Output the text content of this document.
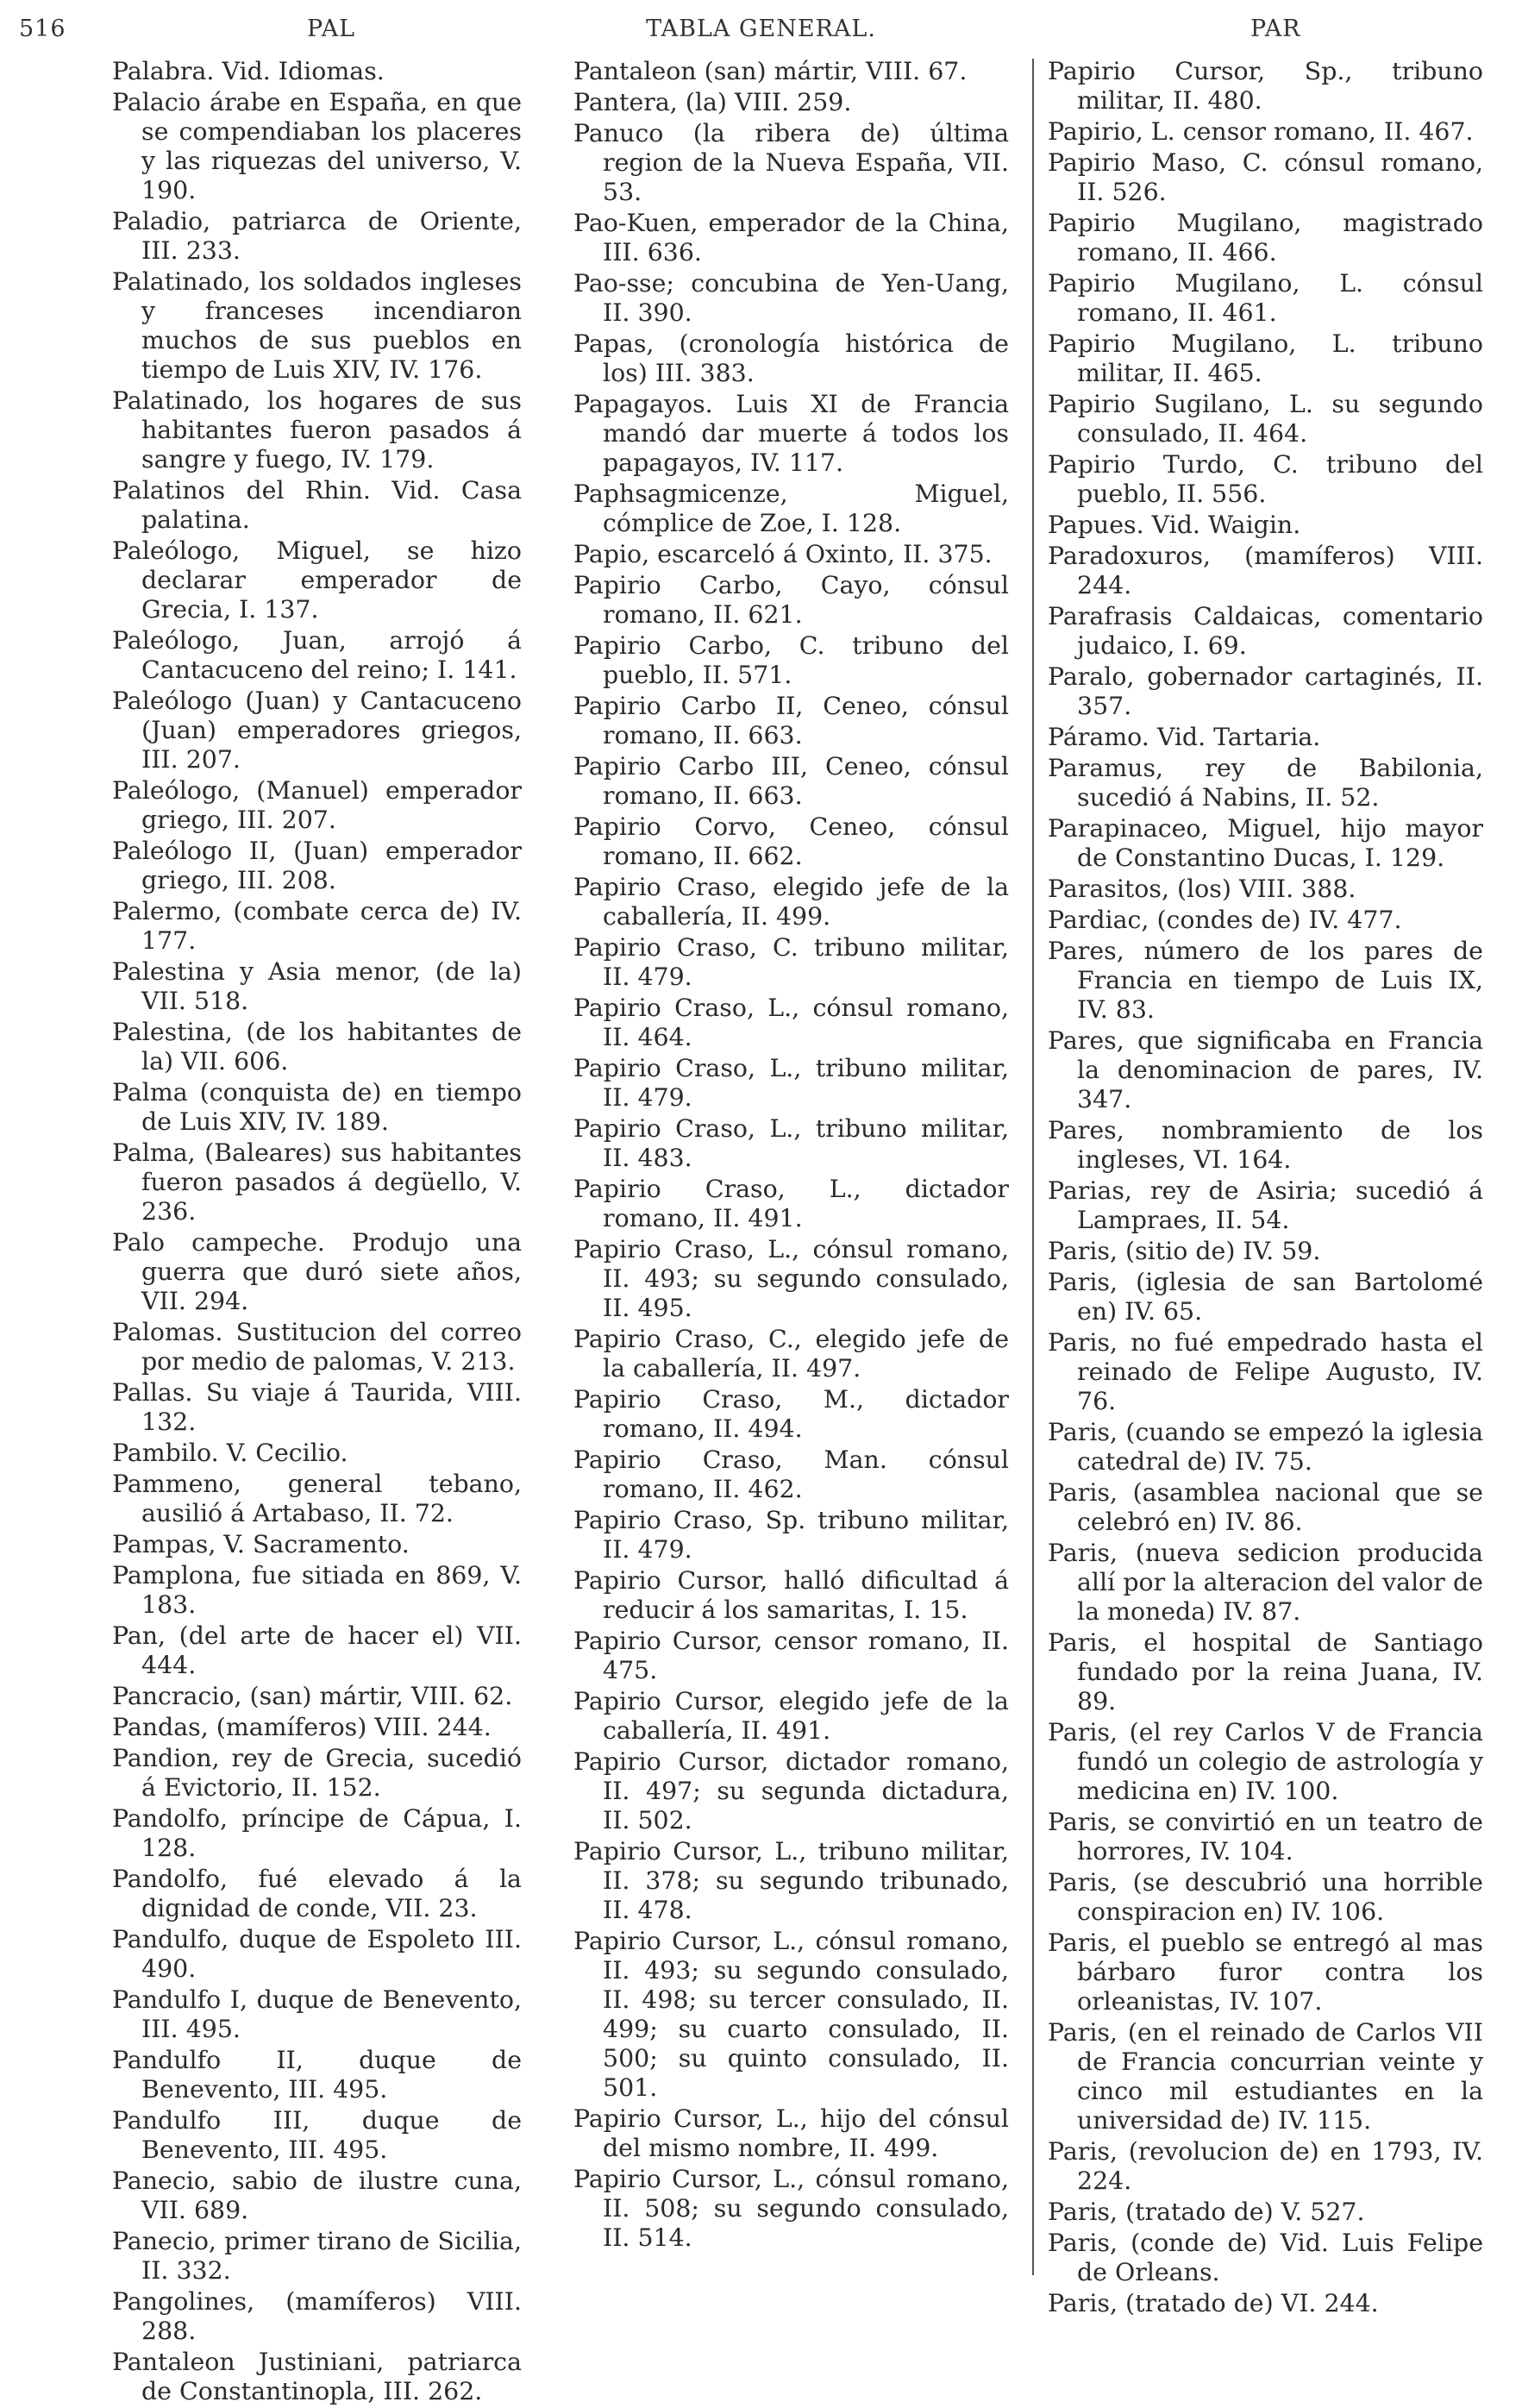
516	TABLA GENERAL.
PAL	PAR

Palabra. Vid. Idiomas.

Palacio árabe en España, en que se compendiaban los placeres y las riquezas del universo, V. 190.

Paladio, patriarca de Oriente, III. 233.

Palatinado, los soldados ingleses y franceses incendiaron muchos de sus pueblos en tiempo de Luis XIV, IV. 176.

Palatinado, los hogares de sus habitantes fueron pasados á sangre y fuego, IV. 179.

Palatinos del Rhin. Vid. Casa palatina.

Paleólogo, Miguel, se hizo declarar emperador de Grecia, I. 137.

Paleólogo, Juan, arrojó á Cantacuceno del reino; I. 141.

Paleólogo (Juan) y Cantacuceno (Juan) emperadores griegos, III. 207.

Paleólogo, (Manuel) emperador griego, III. 207.

Paleólogo II, (Juan) emperador griego, III. 208.

Palermo, (combate cerca de) IV. 177.

Palestina y Asia menor, (de la) VII. 518.

Palestina, (de los habitantes de la) VII. 606.

Palma (conquista de) en tiempo de Luis XIV, IV. 189.

Palma, (Baleares) sus habitantes fueron pasados á degüello, V. 236.

Palo campeche. Produjo una guerra que duró siete años, VII. 294.

Palomas. Sustitucion del correo por medio de palomas, V. 213.

Pallas. Su viaje á Taurida, VIII. 132.

Pambilo. V. Cecilio.

Pammeno, general tebano, ausilió á Artabaso, II. 72.

Pampas, V. Sacramento.

Pamplona, fue sitiada en 869, V. 183.

Pan, (del arte de hacer el) VII. 444.

Pancracio, (san) mártir, VIII. 62.

Pandas, (mamíferos) VIII. 244.

Pandion, rey de Grecia, sucedió á Evictorio, II. 152.

Pandolfo, príncipe de Cápua, I. 128.

Pandolfo, fué elevado á la dignidad de conde, VII. 23.

Pandulfo, duque de Espoleto III. 490.

Pandulfo I, duque de Benevento, III. 495.

Pandulfo II, duque de Benevento, III. 495.

Pandulfo III, duque de Benevento, III. 495.

Panecio, sabio de ilustre cuna, VII. 689.

Panecio, primer tirano de Sicilia, II. 332.

Pangolines, (mamíferos) VIII. 288.

Pantaleon Justiniani, patriarca de Constantinopla, III. 262.

Pantaleon (san) mártir, VIII. 67.

Pantera, (la) VIII. 259.

Panuco (la ribera de) última region de la Nueva España, VII. 53.

Pao-Kuen, emperador de la China, III. 636.

Pao-sse; concubina de Yen-Uang, II. 390.

Papas, (cronología histórica de los) III. 383.

Papagayos. Luis XI de Francia mandó dar muerte á todos los papagayos, IV. 117.

Paphsagmicenze, Miguel, cómplice de Zoe, I. 128.

Papio, escarceló á Oxinto, II. 375.

Papirio Carbo, Cayo, cónsul romano, II. 621.

Papirio Carbo, C. tribuno del pueblo, II. 571.

Papirio Carbo II, Ceneo, cónsul romano, II. 663.

Papirio Carbo III, Ceneo, cónsul romano, II. 663.

Papirio Corvo, Ceneo, cónsul romano, II. 662.

Papirio Craso, elegido jefe de la caballería, II. 499.

Papirio Craso, C. tribuno militar, II. 479.

Papirio Craso, L., cónsul romano, II. 464.

Papirio Craso, L., tribuno militar, II. 479.

Papirio Craso, L., tribuno militar, II. 483.

Papirio Craso, L., dictador romano, II. 491.

Papirio Craso, L., cónsul romano, II. 493; su segundo consulado, II. 495.

Papirio Craso, C., elegido jefe de la caballería, II. 497.

Papirio Craso, M., dictador romano, II. 494.

Papirio Craso, Man. cónsul romano, II. 462.

Papirio Craso, Sp. tribuno militar, II. 479.

Papirio Cursor, halló dificultad á reducir á los samaritas, I. 15.

Papirio Cursor, censor romano, II. 475.

Papirio Cursor, elegido jefe de la caballería, II. 491.

Papirio Cursor, dictador romano, II. 497; su segunda dictadura, II. 502.

Papirio Cursor, L., tribuno militar, II. 378; su segundo tribunado, II. 478.

Papirio Cursor, L., cónsul romano, II. 493; su segundo consulado, II. 498; su tercer consulado, II. 499; su cuarto consulado, II. 500; su quinto consulado, II. 501.

Papirio Cursor, L., hijo del cónsul del mismo nombre, II. 499.

Papirio Cursor, L., cónsul romano, II. 508; su segundo consulado, II. 514.

Papirio Cursor, Sp., tribuno militar, II. 480.

Papirio, L. censor romano, II. 467.

Papirio Maso, C. cónsul romano, II. 526.

Papirio Mugilano, magistrado romano, II. 466.

Papirio Mugilano, L. cónsul romano, II. 461.

Papirio Mugilano, L. tribuno militar, II. 465.

Papirio Sugilano, L. su segundo consulado, II. 464.

Papirio Turdo, C. tribuno del pueblo, II. 556.

Papues. Vid. Waigin.

Paradoxuros, (mamíferos) VIII. 244.

Parafrasis Caldaicas, comentario judaico, I. 69.

Paralo, gobernador cartaginés, II. 357.

Páramo. Vid. Tartaria.

Paramus, rey de Babilonia, sucedió á Nabins, II. 52.

Parapinaceo, Miguel, hijo mayor de Constantino Ducas, I. 129.

Parasitos, (los) VIII. 388.

Pardiac, (condes de) IV. 477.

Pares, número de los pares de Francia en tiempo de Luis IX, IV. 83.

Pares, que significaba en Francia la denominacion de pares, IV. 347.

Pares, nombramiento de los ingleses, VI. 164.

Parias, rey de Asiria; sucedió á Lampraes, II. 54.

Paris, (sitio de) IV. 59.

Paris, (iglesia de san Bartolomé en) IV. 65.

Paris, no fué empedrado hasta el reinado de Felipe Augusto, IV. 76.

Paris, (cuando se empezó la iglesia catedral de) IV. 75.

Paris, (asamblea nacional que se celebró en) IV. 86.

Paris, (nueva sedicion producida allí por la alteracion del valor de la moneda) IV. 87.

Paris, el hospital de Santiago fundado por la reina Juana, IV. 89.

Paris, (el rey Carlos V de Francia fundó un colegio de astrología y medicina en) IV. 100.

Paris, se convirtió en un teatro de horrores, IV. 104.

Paris, (se descubrió una horrible conspiracion en) IV. 106.

Paris, el pueblo se entregó al mas bárbaro furor contra los orleanistas, IV. 107.

Paris, (en el reinado de Carlos VII de Francia concurrian veinte y cinco mil estudiantes en la universidad de) IV. 115.

Paris, (revolucion de) en 1793, IV. 224.

Paris, (tratado de) V. 527.

Paris, (conde de) Vid. Luis Felipe de Orleans.

Paris, (tratado de) VI. 244.
